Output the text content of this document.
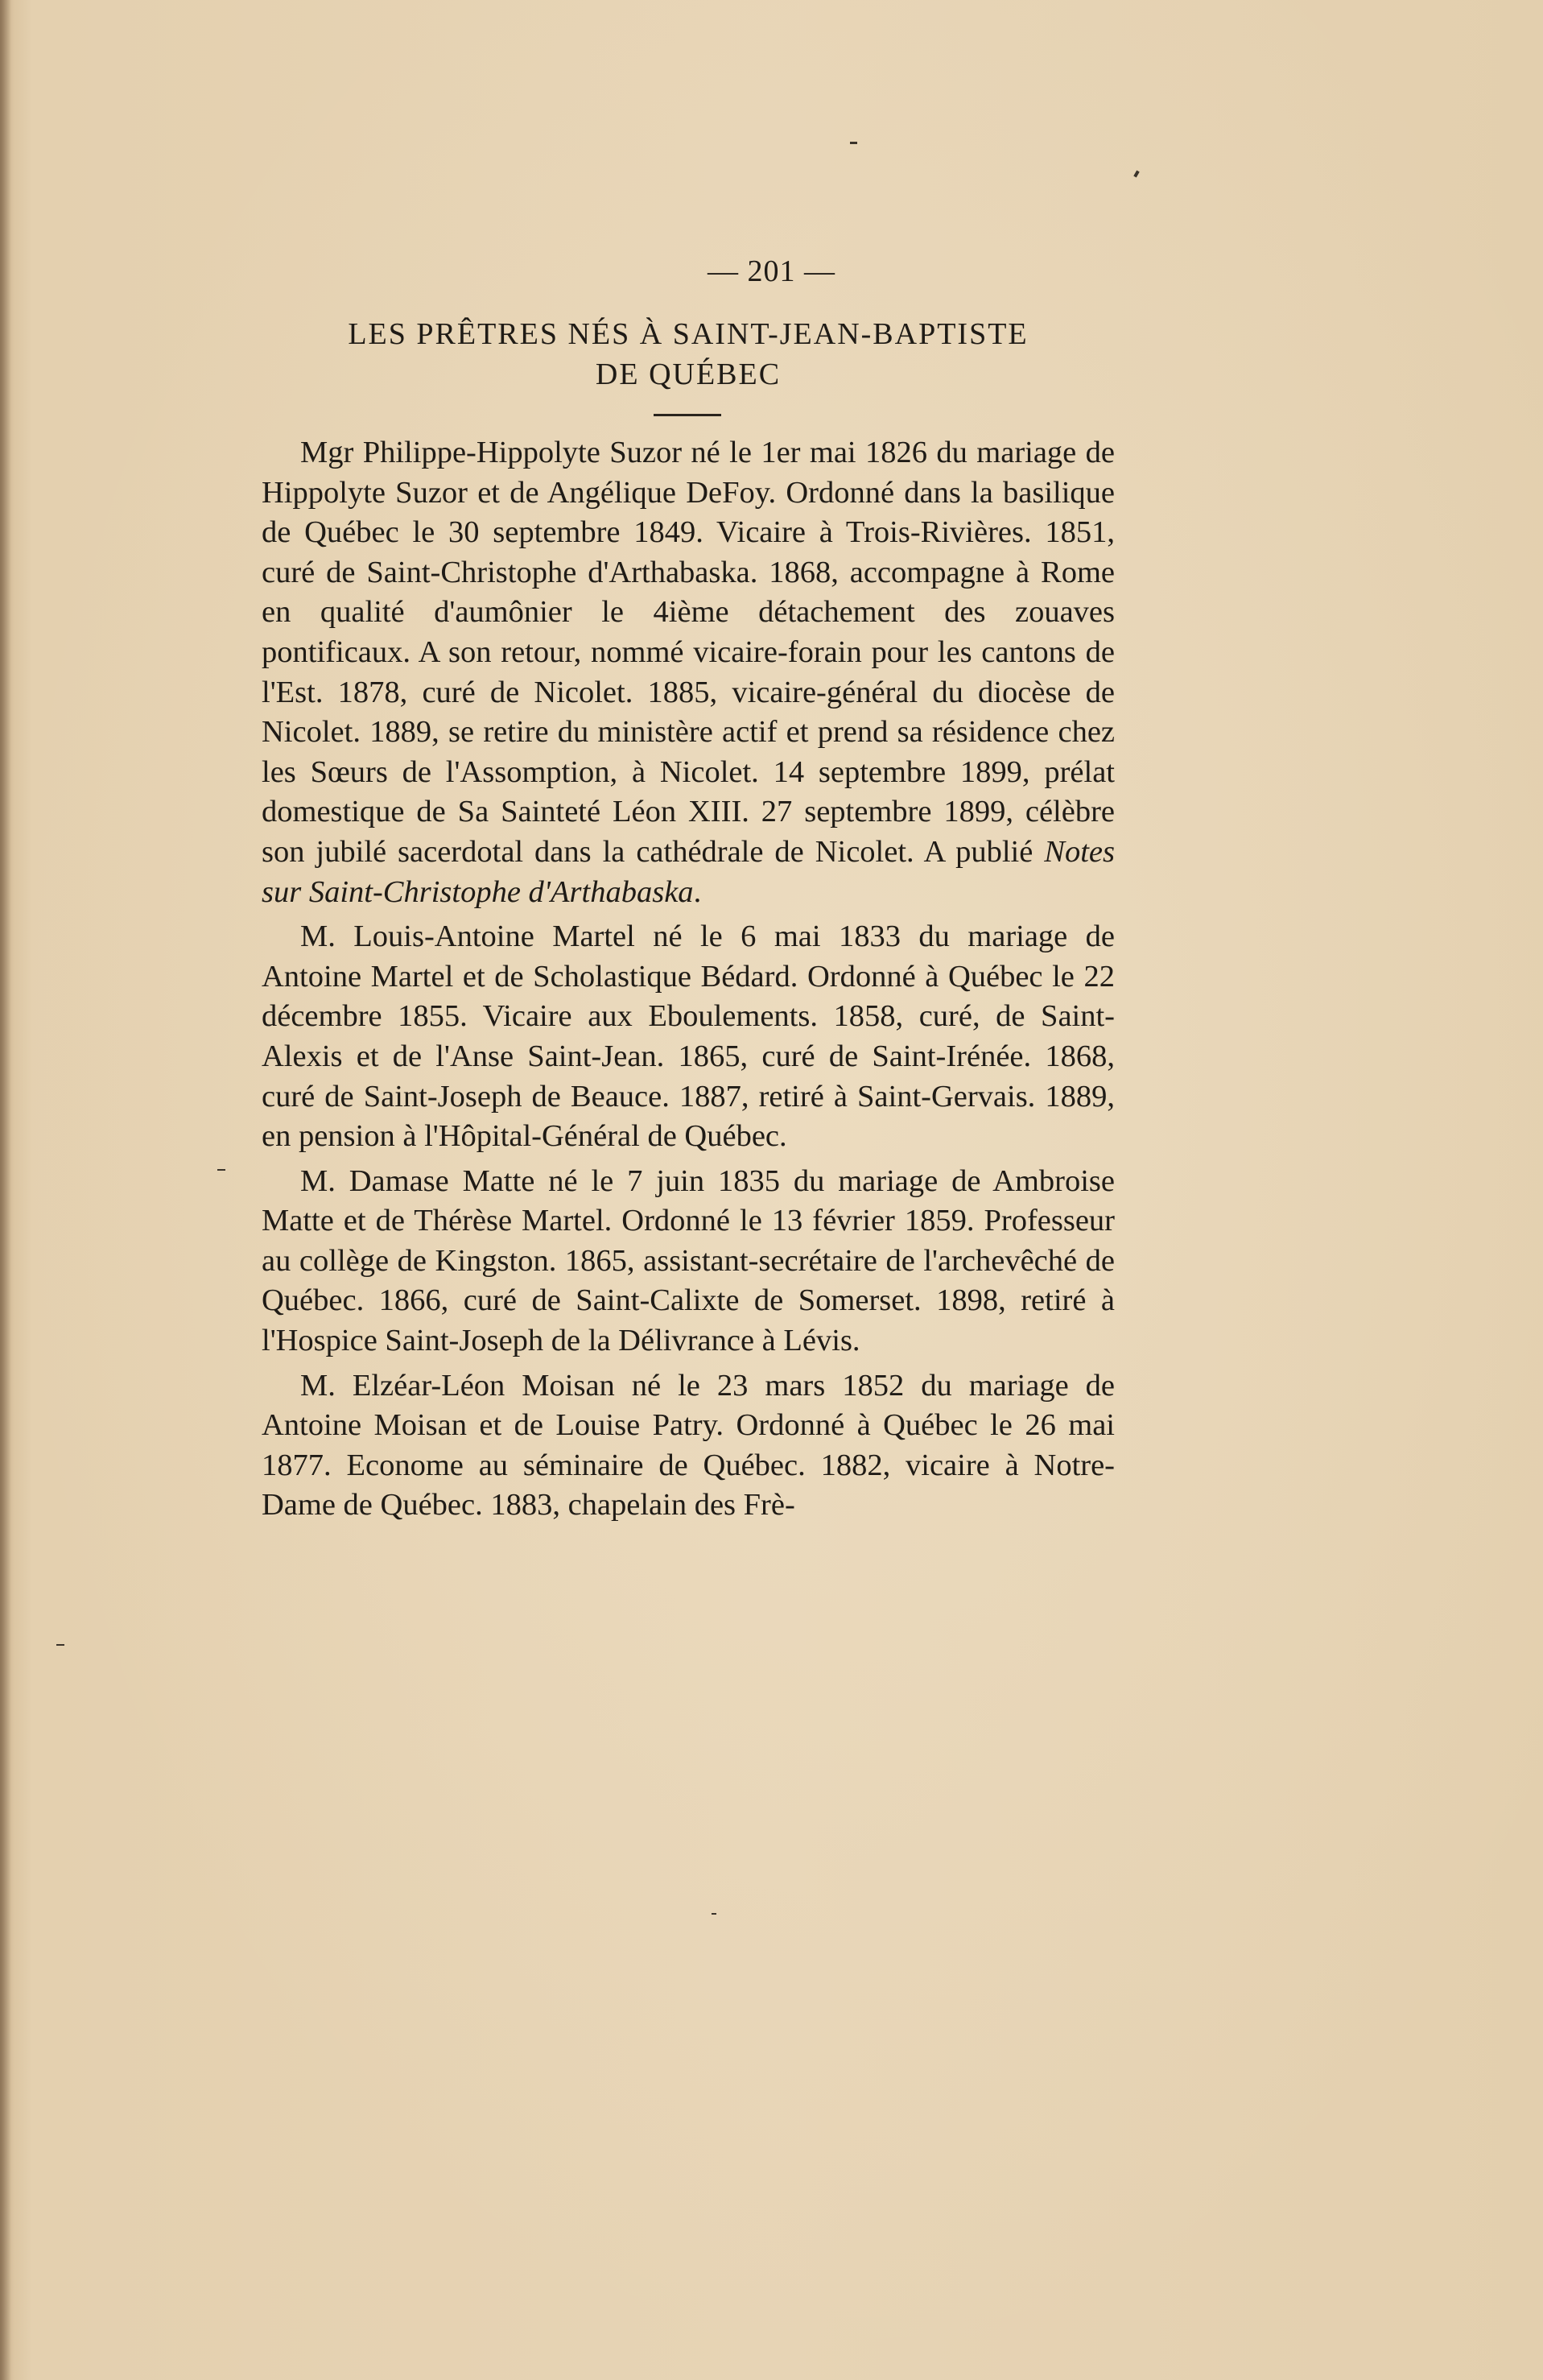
— 201 —
LES PRÊTRES NÉS À SAINT-JEAN-BAPTISTE
DE QUÉBEC

Mgr Philippe-Hippolyte Suzor né le 1er mai 1826 du mariage de Hippolyte Suzor et de Angélique DeFoy. Ordonné dans la basilique de Québec le 30 septembre 1849. Vicaire à Trois-Rivières. 1851, curé de Saint-Christophe d'Arthabaska. 1868, accompagne à Rome en qualité d'aumônier le 4ième détachement des zouaves pontificaux. A son retour, nommé vicaire-forain pour les cantons de l'Est. 1878, curé de Nicolet. 1885, vicaire-général du diocèse de Nicolet. 1889, se retire du ministère actif et prend sa résidence chez les Sœurs de l'Assomption, à Nicolet. 14 septembre 1899, prélat domestique de Sa Sainteté Léon XIII. 27 septembre 1899, célèbre son jubilé sacerdotal dans la cathédrale de Nicolet. A publié Notes sur Saint-Christophe d'Arthabaska.

M. Louis-Antoine Martel né le 6 mai 1833 du mariage de Antoine Martel et de Scholastique Bédard. Ordonné à Québec le 22 décembre 1855. Vicaire aux Eboulements. 1858, curé, de Saint-Alexis et de l'Anse Saint-Jean. 1865, curé de Saint-Irénée. 1868, curé de Saint-Joseph de Beauce. 1887, retiré à Saint-Gervais. 1889, en pension à l'Hôpital-Général de Québec.

M. Damase Matte né le 7 juin 1835 du mariage de Ambroise Matte et de Thérèse Martel. Ordonné le 13 février 1859. Professeur au collège de Kingston. 1865, assistant-secrétaire de l'archevêché de Québec. 1866, curé de Saint-Calixte de Somerset. 1898, retiré à l'Hospice Saint-Joseph de la Délivrance à Lévis.

M. Elzéar-Léon Moisan né le 23 mars 1852 du mariage de Antoine Moisan et de Louise Patry. Ordonné à Québec le 26 mai 1877. Econome au séminaire de Québec. 1882, vicaire à Notre-Dame de Québec. 1883, chapelain des Frè-
